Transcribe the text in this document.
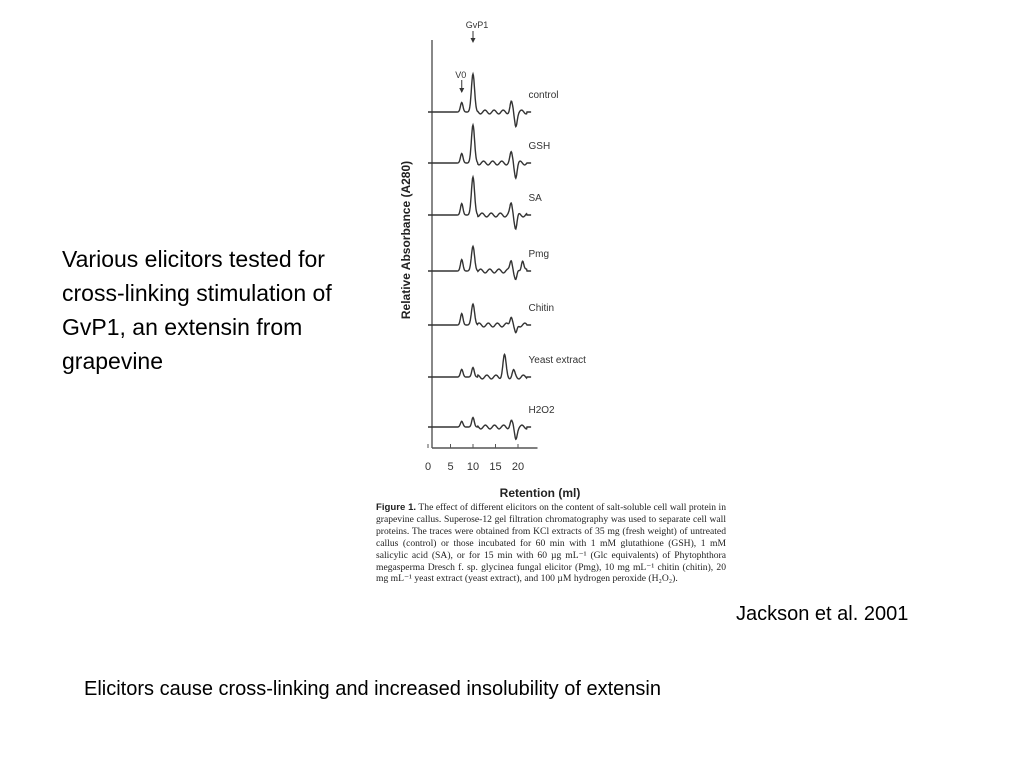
Various elicitors tested for cross-linking stimulation of GvP1, an extensin from grapevine
0 5 10 15 20
Retention (ml)
Relative Absorbance (A280)
control
GSH
SA
Pmg
Chitin
Yeast extract
H2O2
GvP1
V0
Figure 1. The effect of different elicitors on the content of salt-soluble cell wall protein in grapevine callus. Superose-12 gel filtration chromatography was used to separate cell wall proteins. The traces were obtained from KCl extracts of 35 mg (fresh weight) of untreated callus (control) or those incubated for 60 min with 1 mM glutathione (GSH), 1 mM salicylic acid (SA), or for 15 min with 60 µg mL⁻¹ (Glc equivalents) of Phytophthora megasperma Dresch f. sp. glycinea fungal elicitor (Pmg), 10 mg mL⁻¹ chitin (chitin), 20 mg mL⁻¹ yeast extract (yeast extract), and 100 µM hydrogen peroxide (H₂O₂).
Jackson et al. 2001
Elicitors cause cross-linking and increased insolubility of extensin
